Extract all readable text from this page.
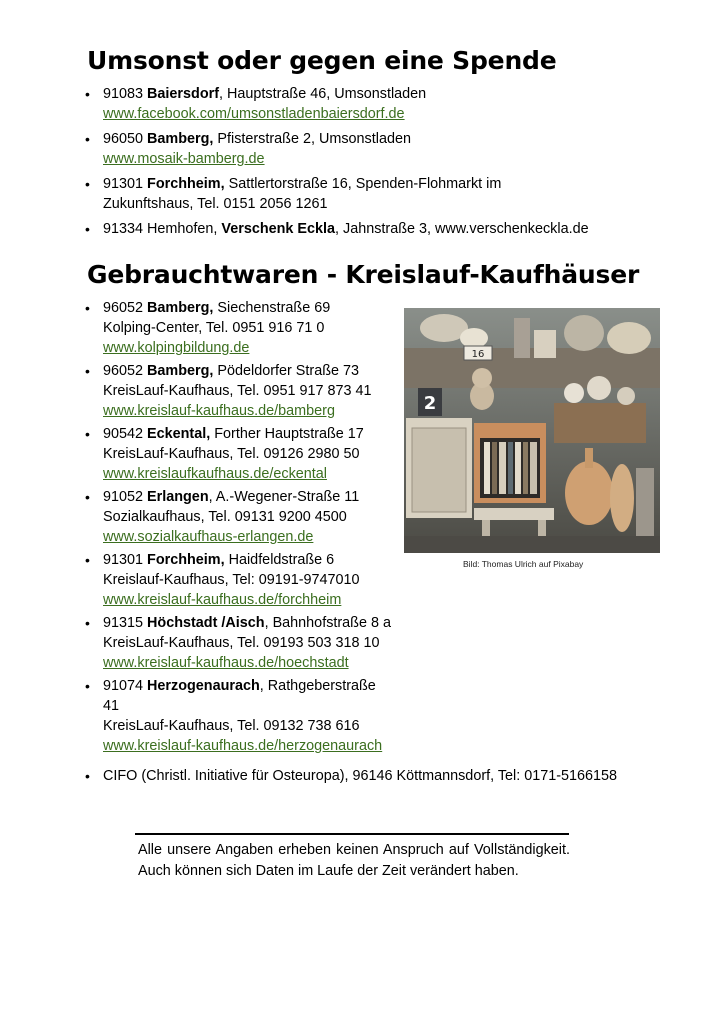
Umsonst oder gegen eine Spende
• 91083 Baiersdorf, Hauptstraße 46, Umsonstladen
www.facebook.com/umsonstladenbaiersdorf.de
• 96050 Bamberg, Pfisterstraße 2, Umsonstladen
www.mosaik-bamberg.de
• 91301 Forchheim, Sattlertorstraße 16, Spenden-Flohmarkt im
Zukunftshaus, Tel. 0151 2056 1261
• 91334 Hemhofen, Verschenk Eckla, Jahnstraße 3, www.verschenkeckla.de
Gebrauchtwaren - Kreislauf-Kaufhäuser
• 96052 Bamberg, Siechenstraße 69
Kolping-Center, Tel. 0951 916 71 0
www.kolpingbildung.de
• 96052 Bamberg, Pödeldorfer Straße 73
KreisLauf-Kaufhaus, Tel. 0951 917 873 41
www.kreislauf-kaufhaus.de/bamberg
• 90542 Eckental, Forther Hauptstraße 17
KreisLauf-Kaufhaus, Tel. 09126 2980 50
www.kreislaufkaufhaus.de/eckental
• 91052 Erlangen, A.-Wegener-Straße 11
Sozialkaufhaus, Tel. 09131 9200 4500
www.sozialkaufhaus-erlangen.de
• 91301 Forchheim, Haidfeldstraße 6
Kreislauf-Kaufhaus, Tel: 09191-9747010
www.kreislauf-kaufhaus.de/forchheim
• 91315 Höchstadt /Aisch, Bahnhofstraße 8 a
KreisLauf-Kaufhaus, Tel. 09193 503 318 10
www.kreislauf-kaufhaus.de/hoechstadt
• 91074 Herzogenaurach, Rathgeberstraße 41
KreisLauf-Kaufhaus, Tel. 09132 738 616
www.kreislauf-kaufhaus.de/herzogenaurach
• CIFO (Christl. Initiative für Osteuropa), 96146 Köttmannsdorf, Tel: 0171-5166158
16
2
Bild: Thomas Ulrich auf Pixabay
Alle unsere Angaben erheben keinen Anspruch auf Vollständigkeit. Auch können sich Daten im Laufe der Zeit verändert haben.
